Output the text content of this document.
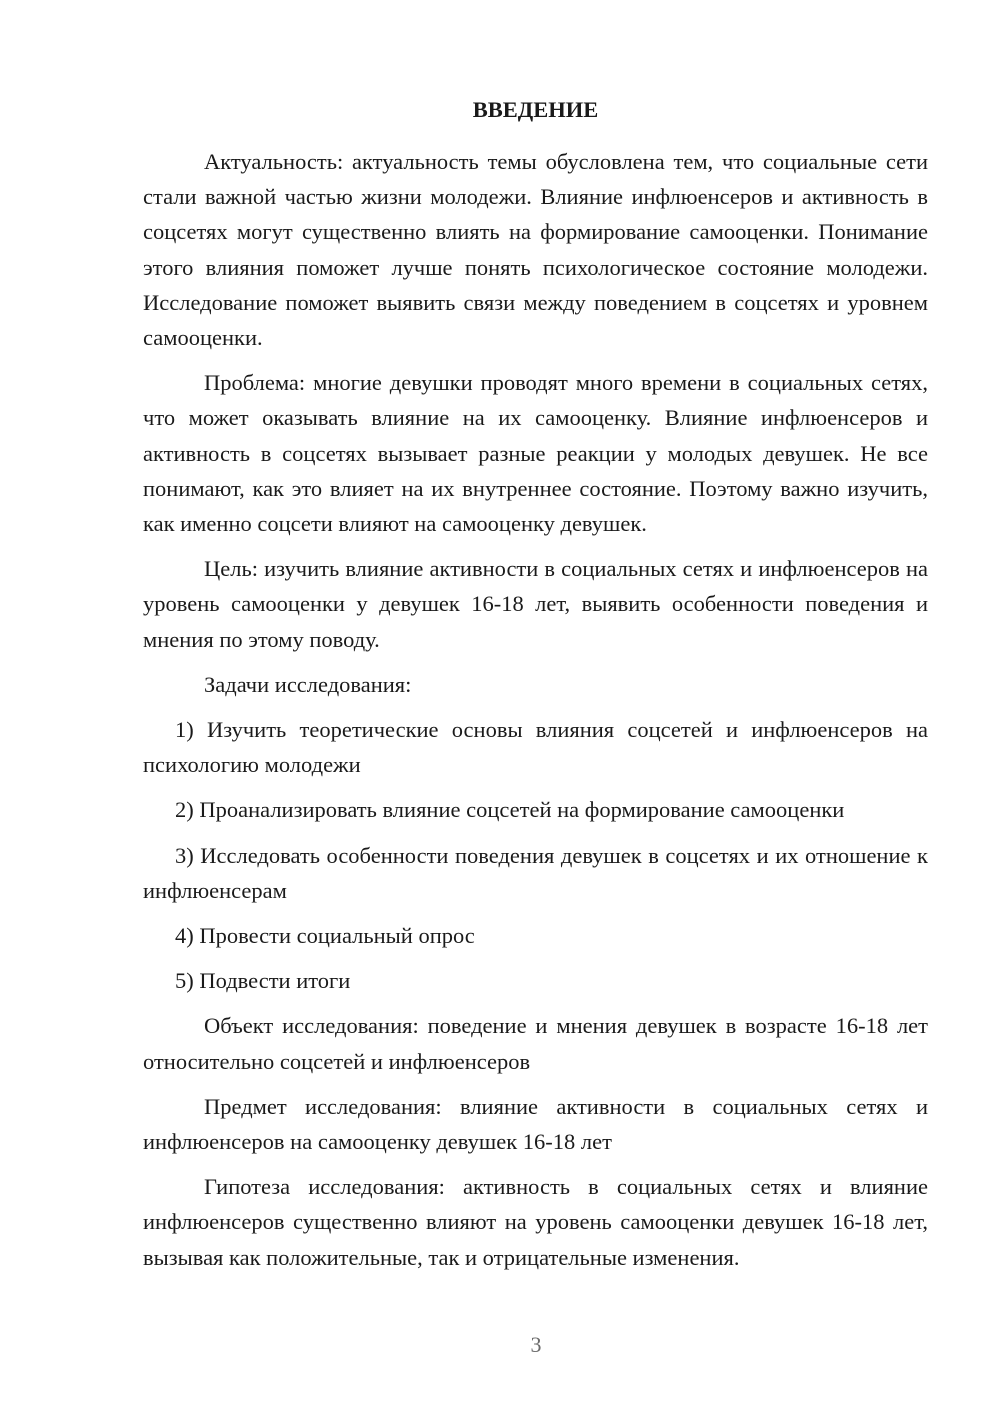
ВВЕДЕНИЕ

Актуальность: актуальность темы обусловлена тем, что социальные сети стали важной частью жизни молодежи. Влияние инфлюенсеров и активность в соцсетях могут существенно влиять на формирование самооценки. Понимание этого влияния поможет лучше понять психологическое состояние молодежи. Исследование поможет выявить связи между поведением в соцсетях и уровнем самооценки.

Проблема: многие девушки проводят много времени в социальных сетях, что может оказывать влияние на их самооценку. Влияние инфлюенсеров и активность в соцсетях вызывает разные реакции у молодых девушек. Не все понимают, как это влияет на их внутреннее состояние. Поэтому важно изучить, как именно соцсети влияют на самооценку девушек.

Цель: изучить влияние активности в социальных сетях и инфлюенсеров на уровень самооценки у девушек 16-18 лет, выявить особенности поведения и мнения по этому поводу.

Задачи исследования:

1) Изучить теоретические основы влияния соцсетей и инфлюенсеров на психологию молодежи

2) Проанализировать влияние соцсетей на формирование самооценки

3) Исследовать особенности поведения девушек в соцсетях и их отношение к инфлюенсерам

4) Провести социальный опрос

5) Подвести итоги

Объект исследования: поведение и мнения девушек в возрасте 16-18 лет относительно соцсетей и инфлюенсеров

Предмет исследования: влияние активности в социальных сетях и инфлюенсеров на самооценку девушек 16-18 лет

Гипотеза исследования: активность в социальных сетях и влияние инфлюенсеров существенно влияют на уровень самооценки девушек 16-18 лет, вызывая как положительные, так и отрицательные изменения.

3
